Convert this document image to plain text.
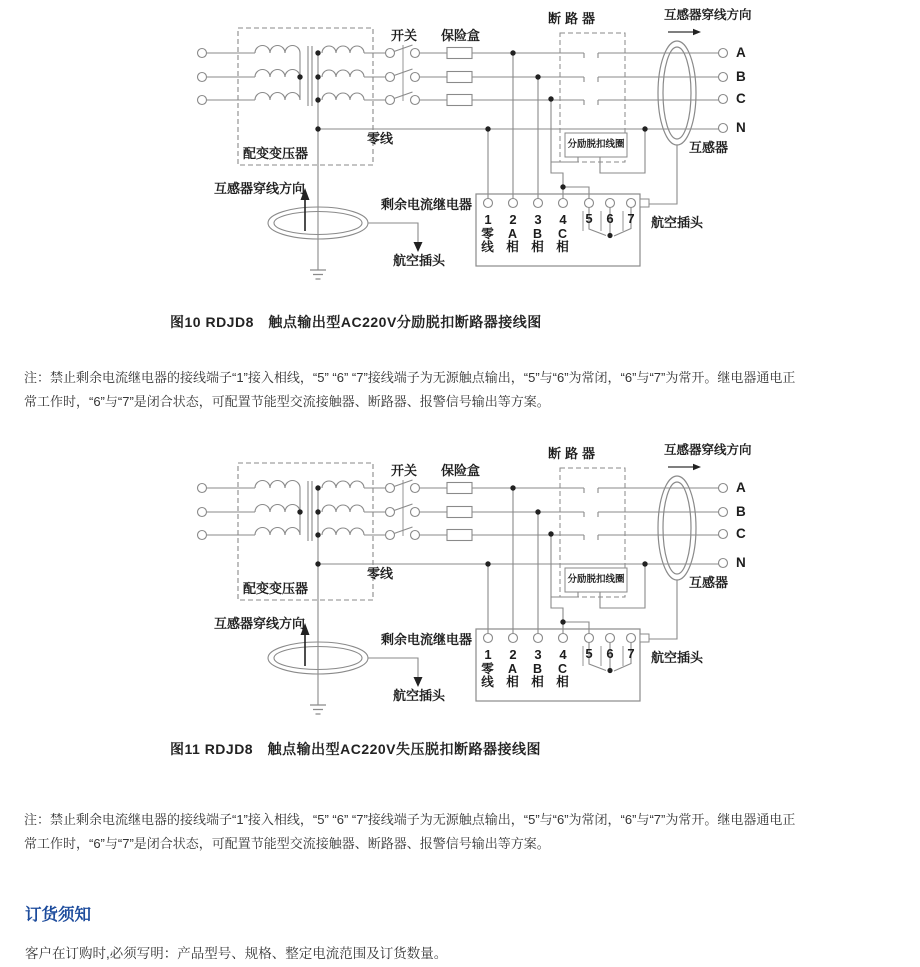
配变变压器
零线
开关 保险盒
断路器	互感器穿线方向
互感器
互感器穿线方向
剩余电流继电器
分励脱扣线圈
航空插头
航空插头
A
B
C
N
1	2	3	4	5	6	7
零线
A相
B相
C相
图10 RDJD8　触点输出型AC220V分励脱扣断路器接线图
注：禁止剩余电流继电器的接线端子“1”接入相线，“5” “6” “7”接线端子为无源触点输出，“5”与“6”为常闭，“6”与“7”为常开。继电器通电正
常工作时，“6”与“7”是闭合状态，可配置节能型交流接触器、断路器、报警信号输出等方案。
配变变压器
零线
开关 保险盒
断路器	互感器穿线方向
互感器
互感器穿线方向
剩余电流继电器
分励脱扣线圈
航空插头
航空插头
A
B
C
N
1	2	3	4	5	6	7
零线
A相
B相
C相
图11 RDJD8　触点输出型AC220V失压脱扣断路器接线图
注：禁止剩余电流继电器的接线端子“1”接入相线，“5” “6” “7”接线端子为无源触点输出，“5”与“6”为常闭，“6”与“7”为常开。继电器通电正
常工作时，“6”与“7”是闭合状态，可配置节能型交流接触器、断路器、报警信号输出等方案。
订货须知
客户在订购时,必须写明：产品型号、规格、整定电流范围及订货数量。
